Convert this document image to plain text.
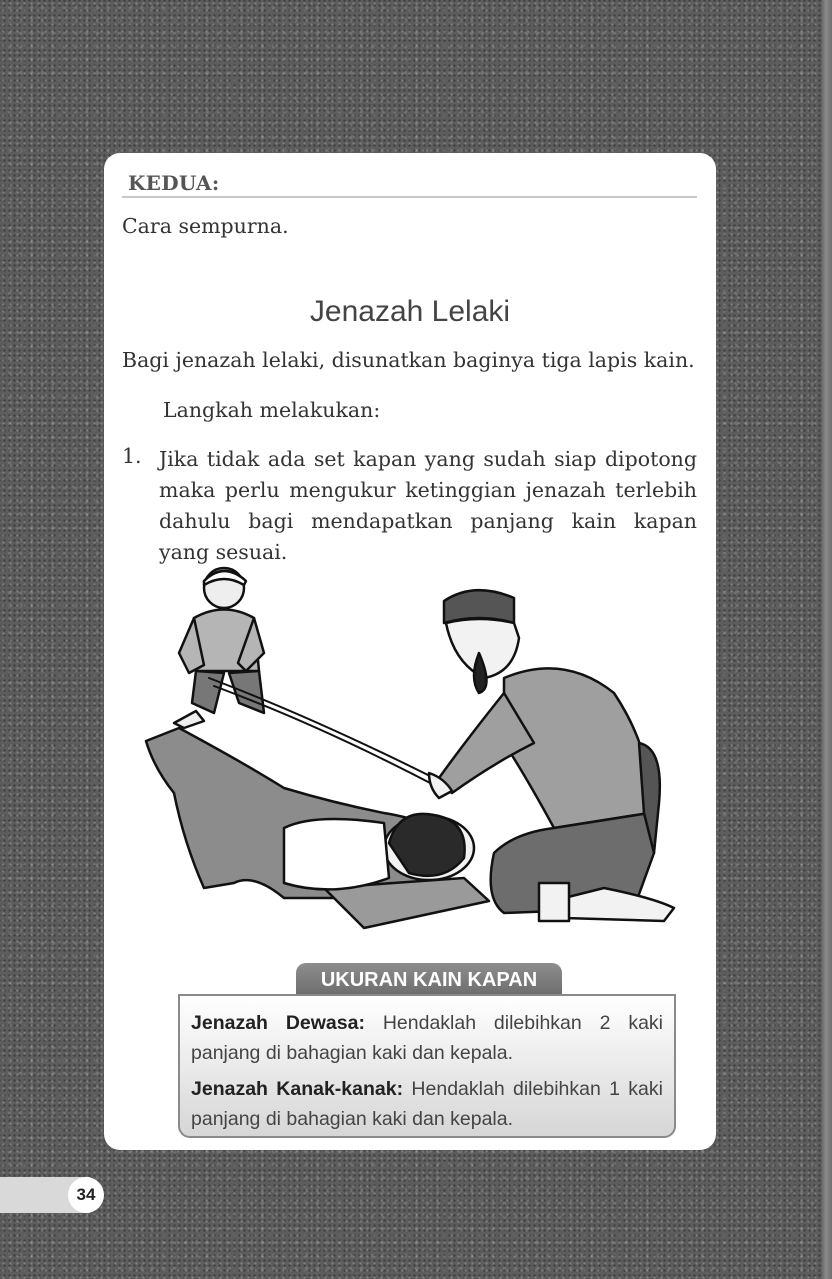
KEDUA:
Cara sempurna.
Jenazah Lelaki
Bagi jenazah lelaki, disunatkan baginya tiga lapis kain.
Langkah melakukan:
1. Jika tidak ada set kapan yang sudah siap dipotong maka perlu mengukur ketinggian jenazah terlebih dahulu bagi mendapatkan panjang kain kapan yang sesuai.
UKURAN KAIN KAPAN

Jenazah Dewasa: Hendaklah dilebihkan 2 kaki panjang di bahagian kaki dan kepala.

Jenazah Kanak-kanak: Hendaklah dilebihkan 1 kaki panjang di bahagian kaki dan kepala.

34
